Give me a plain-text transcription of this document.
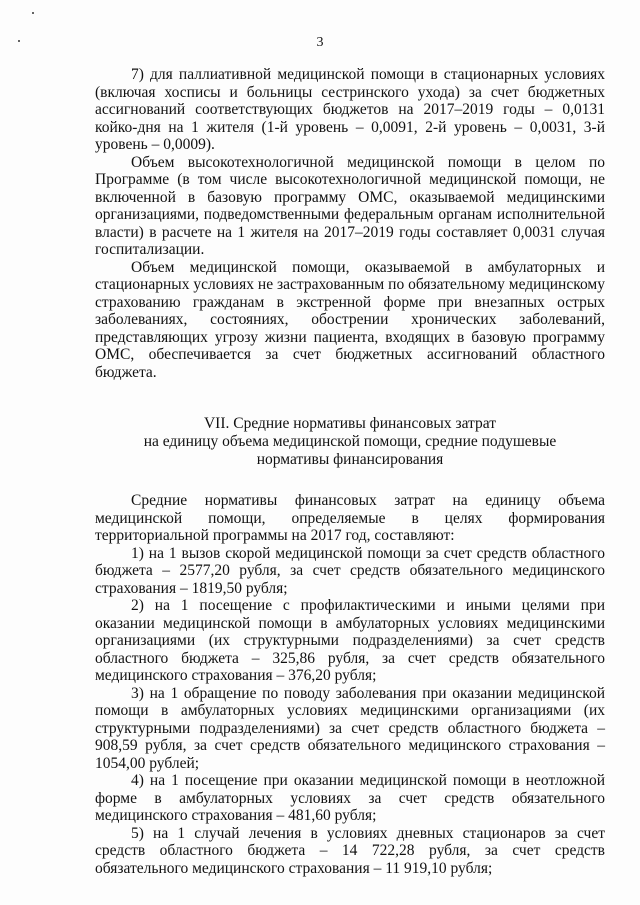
3

7) для паллиативной медицинской помощи в стационарных условиях (включая хосписы и больницы сестринского ухода) за счет бюджетных ассигнований соответствующих бюджетов на 2017–2019 годы – 0,0131 койко-дня на 1 жителя (1-й уровень – 0,0091, 2-й уровень – 0,0031, 3-й уровень – 0,0009).

Объем высокотехнологичной медицинской помощи в целом по Программе (в том числе высокотехнологичной медицинской помощи, не включенной в базовую программу ОМС, оказываемой медицинскими организациями, подведомственными федеральным органам исполнительной власти) в расчете на 1 жителя на 2017–2019 годы составляет 0,0031 случая госпитализации.

Объем медицинской помощи, оказываемой в амбулаторных и стационарных условиях не застрахованным по обязательному медицинскому страхованию гражданам в экстренной форме при внезапных острых заболеваниях, состояниях, обострении хронических заболеваний, представляющих угрозу жизни пациента, входящих в базовую программу ОМС, обеспечивается за счет бюджетных ассигнований областного бюджета.

VII. Средние нормативы финансовых затрат
на единицу объема медицинской помощи, средние подушевые
нормативы финансирования

Средние нормативы финансовых затрат на единицу объема медицинской помощи, определяемые в целях формирования территориальной программы на 2017 год, составляют:

1) на 1 вызов скорой медицинской помощи за счет средств областного бюджета – 2577,20 рубля, за счет средств обязательного медицинского страхования – 1819,50 рубля;

2) на 1 посещение с профилактическими и иными целями при оказании медицинской помощи в амбулаторных условиях медицинскими организациями (их структурными подразделениями) за счет средств областного бюджета – 325,86 рубля, за счет средств обязательного медицинского страхования – 376,20 рубля;

3) на 1 обращение по поводу заболевания при оказании медицинской помощи в амбулаторных условиях медицинскими организациями (их структурными подразделениями) за счет средств областного бюджета – 908,59 рубля, за счет средств обязательного медицинского страхования – 1054,00 рублей;

4) на 1 посещение при оказании медицинской помощи в неотложной форме в амбулаторных условиях за счет средств обязательного медицинского страхования – 481,60 рубля;

5) на 1 случай лечения в условиях дневных стационаров за счет средств областного бюджета – 14 722,28 рубля, за счет средств обязательного медицинского страхования – 11 919,10 рубля;
